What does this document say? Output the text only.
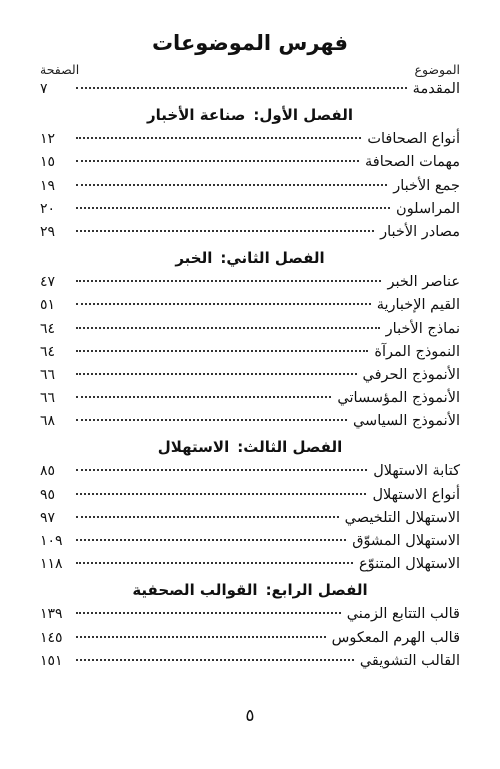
فهرس الموضوعات
الموضوع
الصفحة
المقدمة
٧
الفصل الأول:صناعة الأخبار
أنواع الصحافات
١٢
مهمات الصحافة
١٥
جمع الأخبار
١٩
المراسلون
٢٠
مصادر الأخبار
٢٩
الفصل الثاني:الخبر
عناصر الخبر
٤٧
القيم الإخبارية
٥١
نماذج الأخبار
٦٤
النموذج المرآة
٦٤
الأنموذج الحرفي
٦٦
الأنموذج المؤسساتي
٦٦
الأنموذج السياسي
٦٨
الفصل الثالث:الاستهلال
كتابة الاستهلال
٨٥
أنواع الاستهلال
٩٥
الاستهلال التلخيصي
٩٧
الاستهلال المشوّق
١٠٩
الاستهلال المتنوّع
١١٨
الفصل الرابع:القوالب الصحفية
قالب التتابع الزمني
١٣٩
قالب الهرم المعكوس
١٤٥
القالب التشويقي
١٥١
٥
